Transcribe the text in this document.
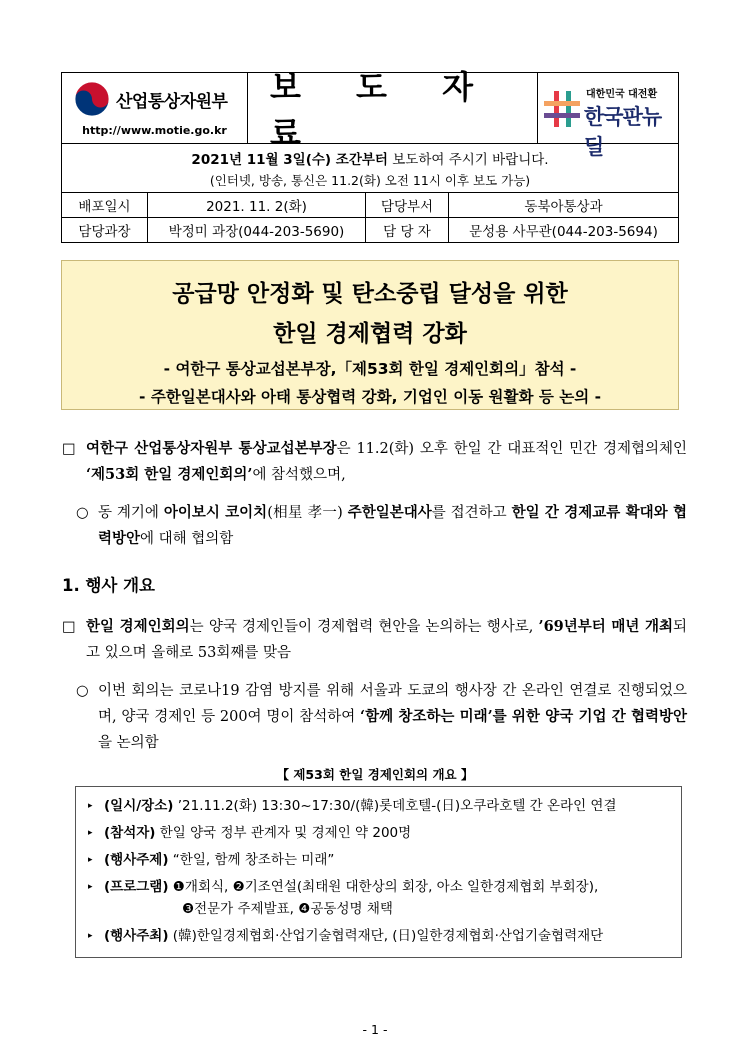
산업통상자원부
http://www.motie.go.kr
보 도 자 료
대한민국 대전환
한국판뉴딜
2021년 11월 3일(수) 조간부터 보도하여 주시기 바랍니다.
(인터넷, 방송, 통신은 11.2(화) 오전 11시 이후 보도 가능)
배포일시	2021. 11. 2(화)	담당부서	동북아통상과
담당과장	박정미 과장(044-203-5690)	담 당 자	문성용 사무관(044-203-5694)
공급망 안정화 및 탄소중립 달성을 위한
한일 경제협력 강화
- 여한구 통상교섭본부장,「제53회 한일 경제인회의」참석 -
- 주한일본대사와 아태 통상협력 강화, 기업인 이동 원활화 등 논의 -
□ 여한구 산업통상자원부 통상교섭본부장은 11.2(화) 오후 한일 간 대표적인 민간 경제협의체인 ‘제53회 한일 경제인회의’에 참석했으며,
○ 동 계기에 아이보시 코이치(相星 孝一) 주한일본대사를 접견하고 한일 간 경제교류 확대와 협력방안에 대해 협의함
1. 행사 개요
□ 한일 경제인회의는 양국 경제인들이 경제협력 현안을 논의하는 행사로, ’69년부터 매년 개최되고 있으며 올해로 53회째를 맞음
○ 이번 회의는 코로나19 감염 방지를 위해 서울과 도쿄의 행사장 간 온라인 연결로 진행되었으며, 양국 경제인 등 200여 명이 참석하여 ‘함께 창조하는 미래’를 위한 양국 기업 간 협력방안을 논의함
【 제53회 한일 경제인회의 개요 】
▸ (일시/장소) ’21.11.2(화) 13:30~17:30/(韓)롯데호텔-(日)오쿠라호텔 간 온라인 연결
▸ (참석자) 한일 양국 정부 관계자 및 경제인 약 200명
▸ (행사주제) “한일, 함께 창조하는 미래”
▸ (프로그램) ❶개회식, ❷기조연설(최태원 대한상의 회장, 아소 일한경제협회 부회장),
❸전문가 주제발표, ❹공동성명 채택
▸ (행사주최) (韓)한일경제협회·산업기술협력재단, (日)일한경제협회·산업기술협력재단
- 1 -
